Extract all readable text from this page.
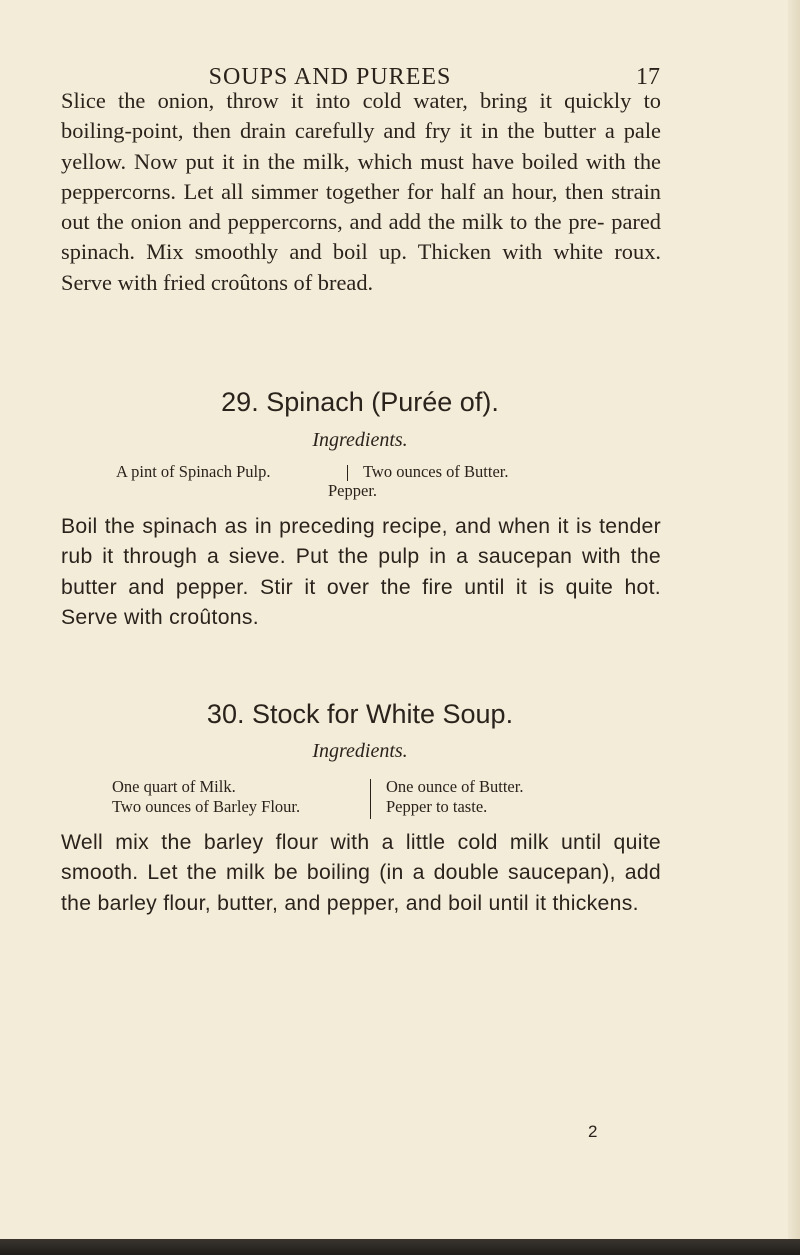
SOUPS AND PUREES	17

Slice the onion, throw it into cold water, bring it quickly to boiling-point, then drain carefully and fry it in the butter a pale yellow. Now put it in the milk, which must have boiled with the peppercorns. Let all simmer together for half an hour, then strain out the onion and peppercorns, and add the milk to the pre- pared spinach. Mix smoothly and boil up. Thicken with white roux. Serve with fried croûtons of bread.

29. Spinach (Purée of).
Ingredients.
A pint of Spinach Pulp.	Two ounces of Butter.
Pepper.

Boil the spinach as in preceding recipe, and when it is tender rub it through a sieve. Put the pulp in a saucepan with the butter and pepper. Stir it over the fire until it is quite hot. Serve with croûtons.

30. Stock for White Soup.
Ingredients.
One quart of Milk.
Two ounces of Barley Flour.
One ounce of Butter.
Pepper to taste.

Well mix the barley flour with a little cold milk until quite smooth. Let the milk be boiling (in a double saucepan), add the barley flour, butter, and pepper, and boil until it thickens.

2
